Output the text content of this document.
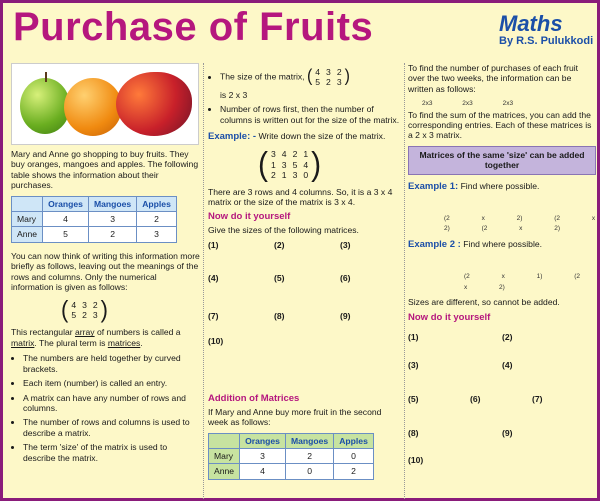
Purchase of Fruits	Maths
By R.S. Pulukkodi

Mary and Anne go shopping to buy fruits. They buy oranges, mangoes and apples. The following table shows the information about their purchases.

	Oranges	Mangoes	Apples
Mary	4	3	2
Anne	5	2	3

You can now think of writing this information more briefly as follows, leaving out the meanings of the rows and columns. Only the numerical information is given as follows:

( 4	3	2
5	2	3 )

This rectangular array of numbers is called a matrix. The plural term is matrices.

• The numbers are held together by curved brackets.
• Each item (number) is called an entry.
• A matrix can have any number of rows and columns.
• The number of rows and columns is used to describe a matrix.
• The term 'size' of the matrix is used to describe the matrix.
• The size of the matrix, ( 4	3	2
5	2	3 )

is 2 x 3
• Number of rows first, then the number of columns is written out for the size of the matrix.

Example: - Write down the size of the matrix.

( 3	4	2	1
1	3	5	4
2	1	3	0 )

There are 3 rows and 4 columns. So, it is a 3 x 4 matrix or the size of the matrix is 3 x 4.

Now do it yourself

Give the sizes of the following matrices.

(1)	(2)	(3)
(4)	(5)	(6)
(7)	(8)	(9)
(10)
Addition of Matrices

If Mary and Anne buy more fruit in the second week as follows:

	Oranges	Mangoes	Apples
Mary	3	2	0
Anne	4	0	2

To find the number of purchases of each fruit over the two weeks, the information can be written as follows:

2x3	2x3	2x3

To find the sum of the matrices, you can add the corresponding entries. Each of these matrices is a 2 x 3 matrix.

Matrices of the same 'size' can be added together

Example 1: Find where possible.

(2 x 2)	(2 x 2)	(2 x 2)

Example 2 : Find where possible.

(2 x 1)	(2 x 2)

Sizes are different, so cannot be added.

Now do it yourself
(1)	(2)
(3)	(4)
(5)	(6)	(7)
(8)	(9)
(10)
